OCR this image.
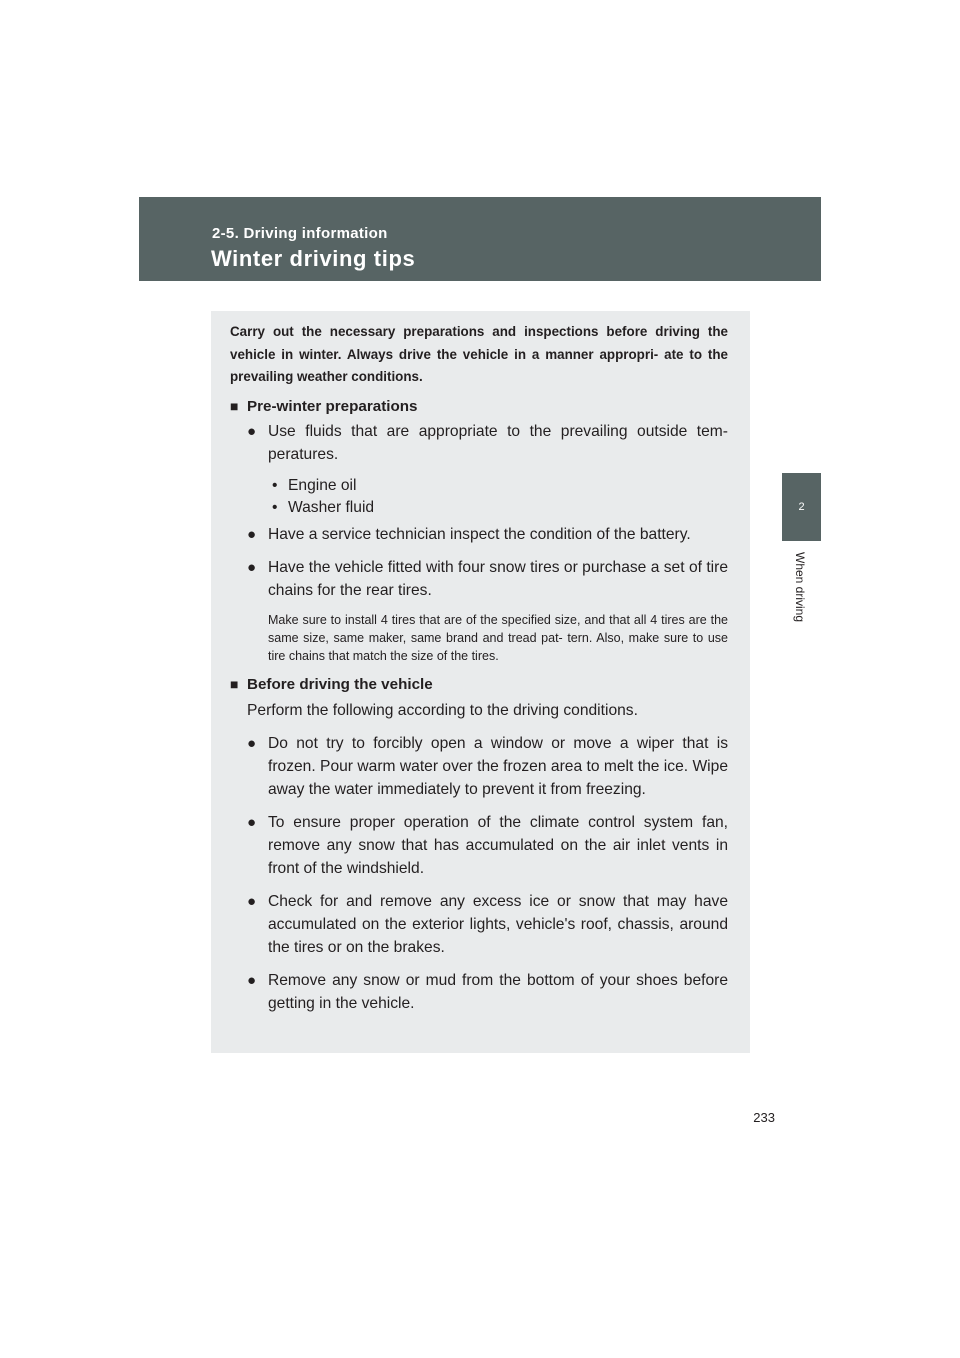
2-5. Driving information
Winter driving tips
2
When driving
Carry out the necessary preparations and inspections before driving the vehicle in winter. Always drive the vehicle in a manner appropri- ate to the prevailing weather conditions.
■ Pre-winter preparations
● Use fluids that are appropriate to the prevailing outside tem- peratures.
• Engine oil
• Washer fluid
● Have a service technician inspect the condition of the battery.
● Have the vehicle fitted with four snow tires or purchase a set of tire chains for the rear tires.
Make sure to install 4 tires that are of the specified size, and that all 4 tires are the same size, same maker, same brand and tread pat- tern. Also, make sure to use tire chains that match the size of the tires.
■ Before driving the vehicle
Perform the following according to the driving conditions.
● Do not try to forcibly open a window or move a wiper that is frozen. Pour warm water over the frozen area to melt the ice. Wipe away the water immediately to prevent it from freezing.
● To ensure proper operation of the climate control system fan, remove any snow that has accumulated on the air inlet vents in front of the windshield.
● Check for and remove any excess ice or snow that may have accumulated on the exterior lights, vehicle's roof, chassis, around the tires or on the brakes.
● Remove any snow or mud from the bottom of your shoes before getting in the vehicle.
233
